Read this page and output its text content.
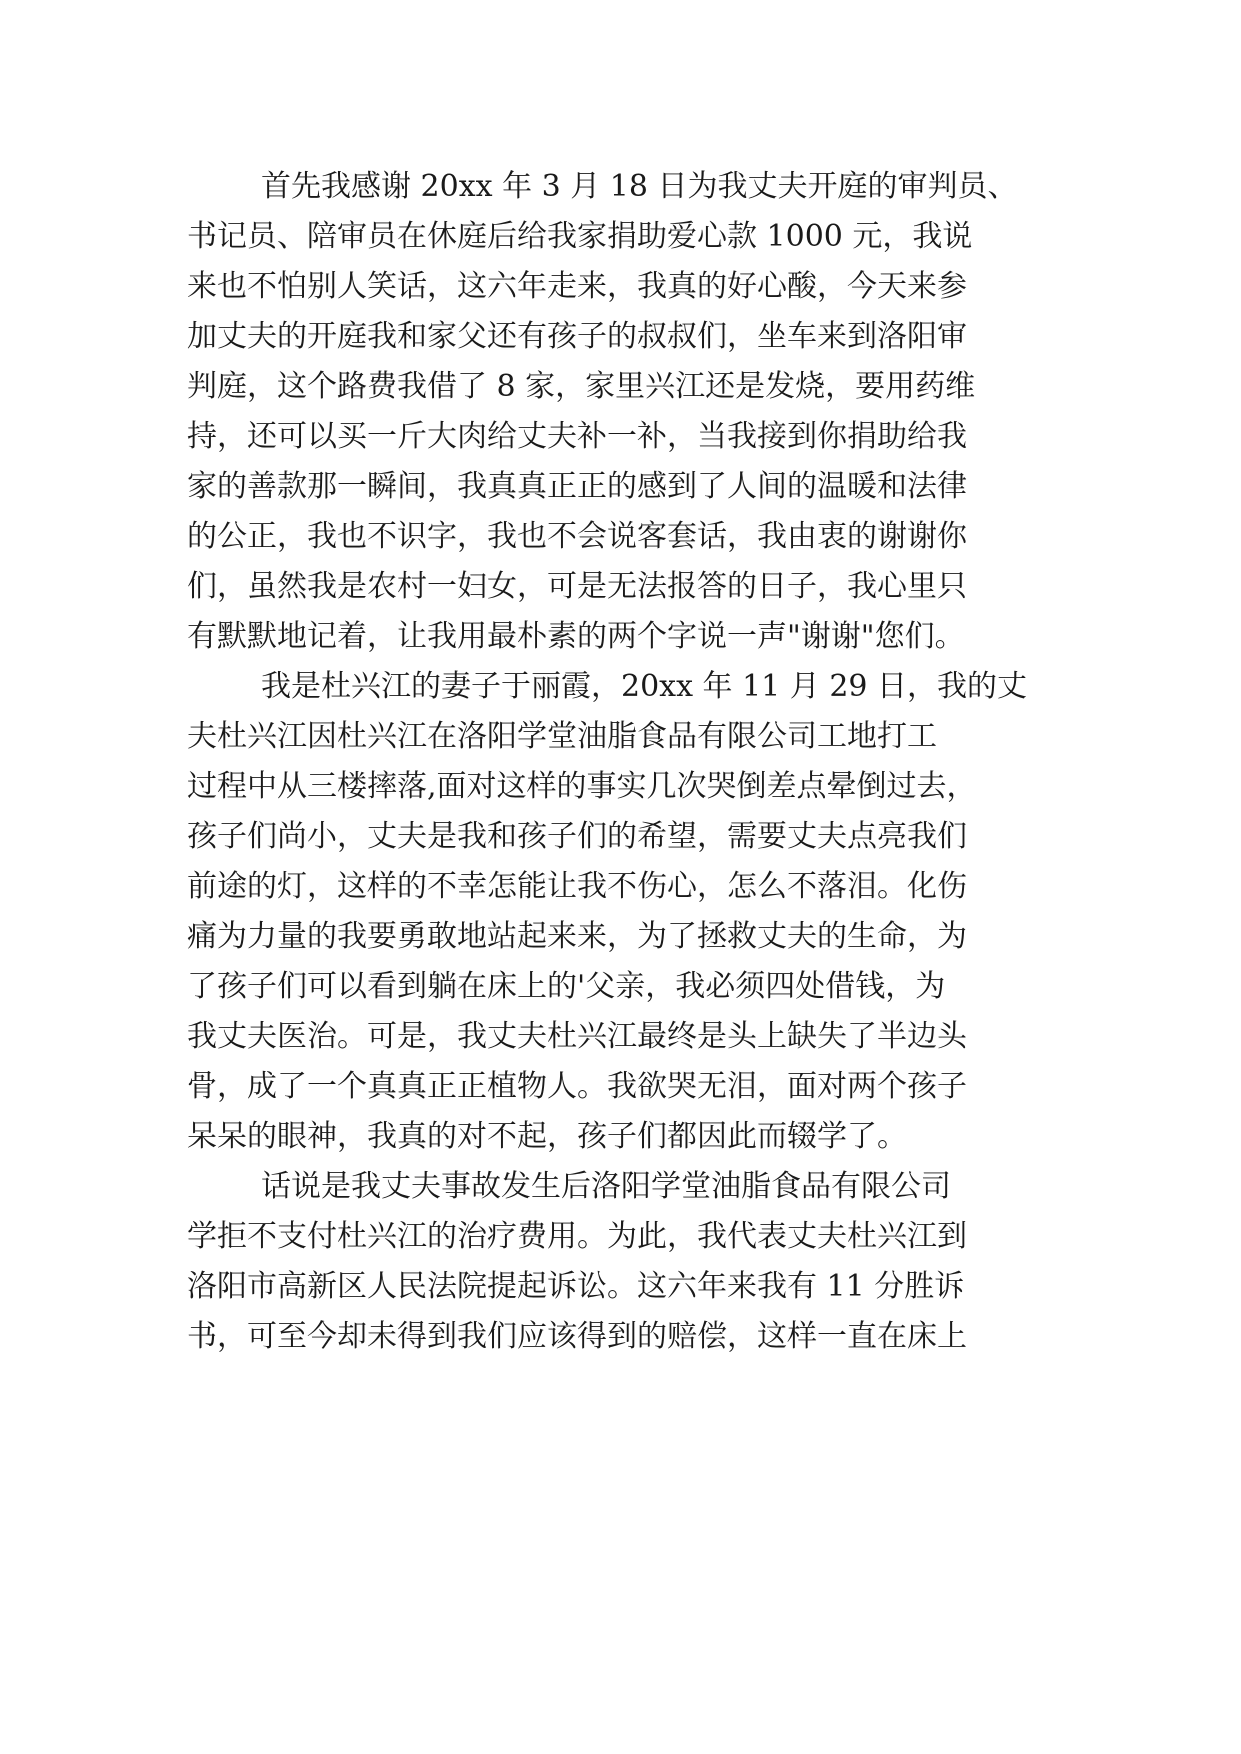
首先我感谢 20xx 年 3 月 18 日为我丈夫开庭的审判员、
书记员、陪审员在休庭后给我家捐助爱心款 1000 元，我说
来也不怕别人笑话，这六年走来，我真的好心酸，今天来参
加丈夫的开庭我和家父还有孩子的叔叔们，坐车来到洛阳审
判庭，这个路费我借了 8 家，家里兴江还是发烧，要用药维
持，还可以买一斤大肉给丈夫补一补，当我接到你捐助给我
家的善款那一瞬间，我真真正正的感到了人间的温暖和法律
的公正，我也不识字，我也不会说客套话，我由衷的谢谢你
们，虽然我是农村一妇女，可是无法报答的日子，我心里只
有默默地记着，让我用最朴素的两个字说一声"谢谢"您们。
我是杜兴江的妻子于丽霞，20xx 年 11 月 29 日，我的丈
夫杜兴江因杜兴江在洛阳学堂油脂食品有限公司工地打工
过程中从三楼摔落,面对这样的事实几次哭倒差点晕倒过去，
孩子们尚小，丈夫是我和孩子们的希望，需要丈夫点亮我们
前途的灯，这样的不幸怎能让我不伤心，怎么不落泪。化伤
痛为力量的我要勇敢地站起来来，为了拯救丈夫的生命，为
了孩子们可以看到躺在床上的'父亲，我必须四处借钱，为
我丈夫医治。可是，我丈夫杜兴江最终是头上缺失了半边头
骨，成了一个真真正正植物人。我欲哭无泪，面对两个孩子
呆呆的眼神，我真的对不起，孩子们都因此而辍学了。
话说是我丈夫事故发生后洛阳学堂油脂食品有限公司
学拒不支付杜兴江的治疗费用。为此，我代表丈夫杜兴江到
洛阳市高新区人民法院提起诉讼。这六年来我有 11 分胜诉
书，可至今却未得到我们应该得到的赔偿，这样一直在床上
